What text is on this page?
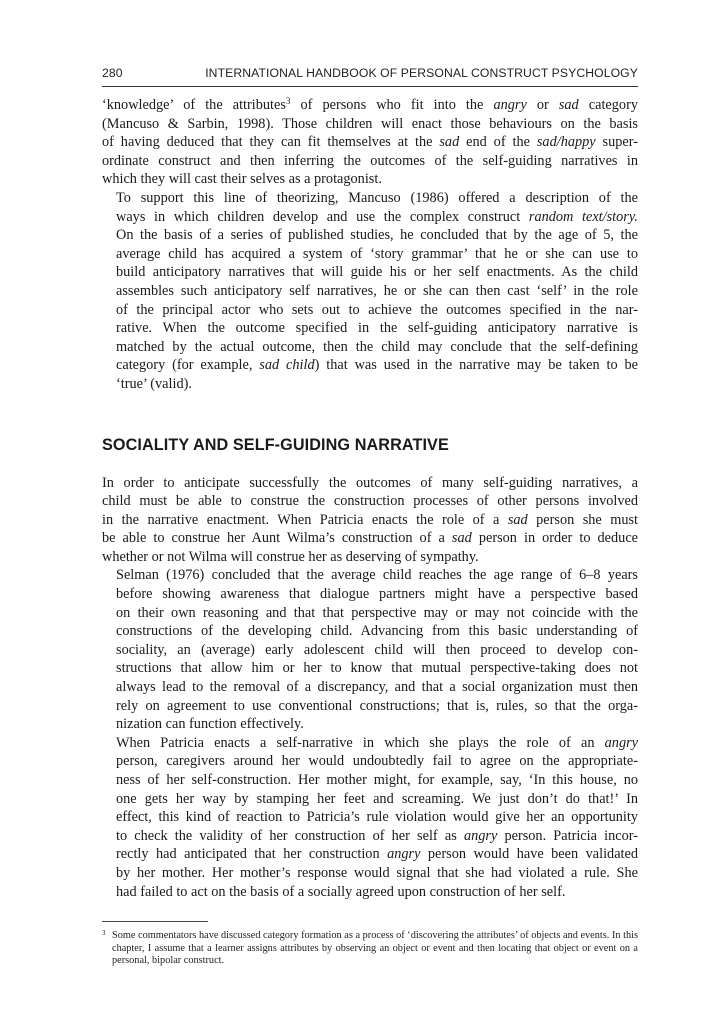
280	INTERNATIONAL HANDBOOK OF PERSONAL CONSTRUCT PSYCHOLOGY

‘knowledge’ of the attributes$^3$ of persons who fit into the angry or sad category
(Mancuso & Sarbin, 1998). Those children will enact those behaviours on the basis
of having deduced that they can fit themselves at the sad end of the sad/happy super-
ordinate construct and then inferring the outcomes of the self-guiding narratives in
which they will cast their selves as a protagonist.

To support this line of theorizing, Mancuso (1986) offered a description of the
ways in which children develop and use the complex construct random text/story.
On the basis of a series of published studies, he concluded that by the age of 5, the
average child has acquired a system of ‘story grammar’ that he or she can use to
build anticipatory narratives that will guide his or her self enactments. As the child
assembles such anticipatory self narratives, he or she can then cast ‘self’ in the role
of the principal actor who sets out to achieve the outcomes specified in the nar-
rative. When the outcome specified in the self-guiding anticipatory narrative is
matched by the actual outcome, then the child may conclude that the self-defining
category (for example, sad child) that was used in the narrative may be taken to be
‘true’ (valid).

SOCIALITY AND SELF-GUIDING NARRATIVE

In order to anticipate successfully the outcomes of many self-guiding narratives, a
child must be able to construe the construction processes of other persons involved
in the narrative enactment. When Patricia enacts the role of a sad person she must
be able to construe her Aunt Wilma’s construction of a sad person in order to deduce
whether or not Wilma will construe her as deserving of sympathy.

Selman (1976) concluded that the average child reaches the age range of 6–8 years
before showing awareness that dialogue partners might have a perspective based
on their own reasoning and that that perspective may or may not coincide with the
constructions of the developing child. Advancing from this basic understanding of
sociality, an (average) early adolescent child will then proceed to develop con-
structions that allow him or her to know that mutual perspective-taking does not
always lead to the removal of a discrepancy, and that a social organization must then
rely on agreement to use conventional constructions; that is, rules, so that the orga-
nization can function effectively.

When Patricia enacts a self-narrative in which she plays the role of an angry
person, caregivers around her would undoubtedly fail to agree on the appropriate-
ness of her self-construction. Her mother might, for example, say, ‘In this house, no
one gets her way by stamping her feet and screaming. We just don’t do that!’ In
effect, this kind of reaction to Patricia’s rule violation would give her an opportunity
to check the validity of her construction of her self as angry person. Patricia incor-
rectly had anticipated that her construction angry person would have been validated
by her mother. Her mother’s response would signal that she had violated a rule. She
had failed to act on the basis of a socially agreed upon construction of her self.

3 Some commentators have discussed category formation as a process of ‘discovering the attributes’ of objects and events. In this chapter, I assume that a learner assigns attributes by observing an object or event and then locating that object or event on a personal, bipolar construct.
